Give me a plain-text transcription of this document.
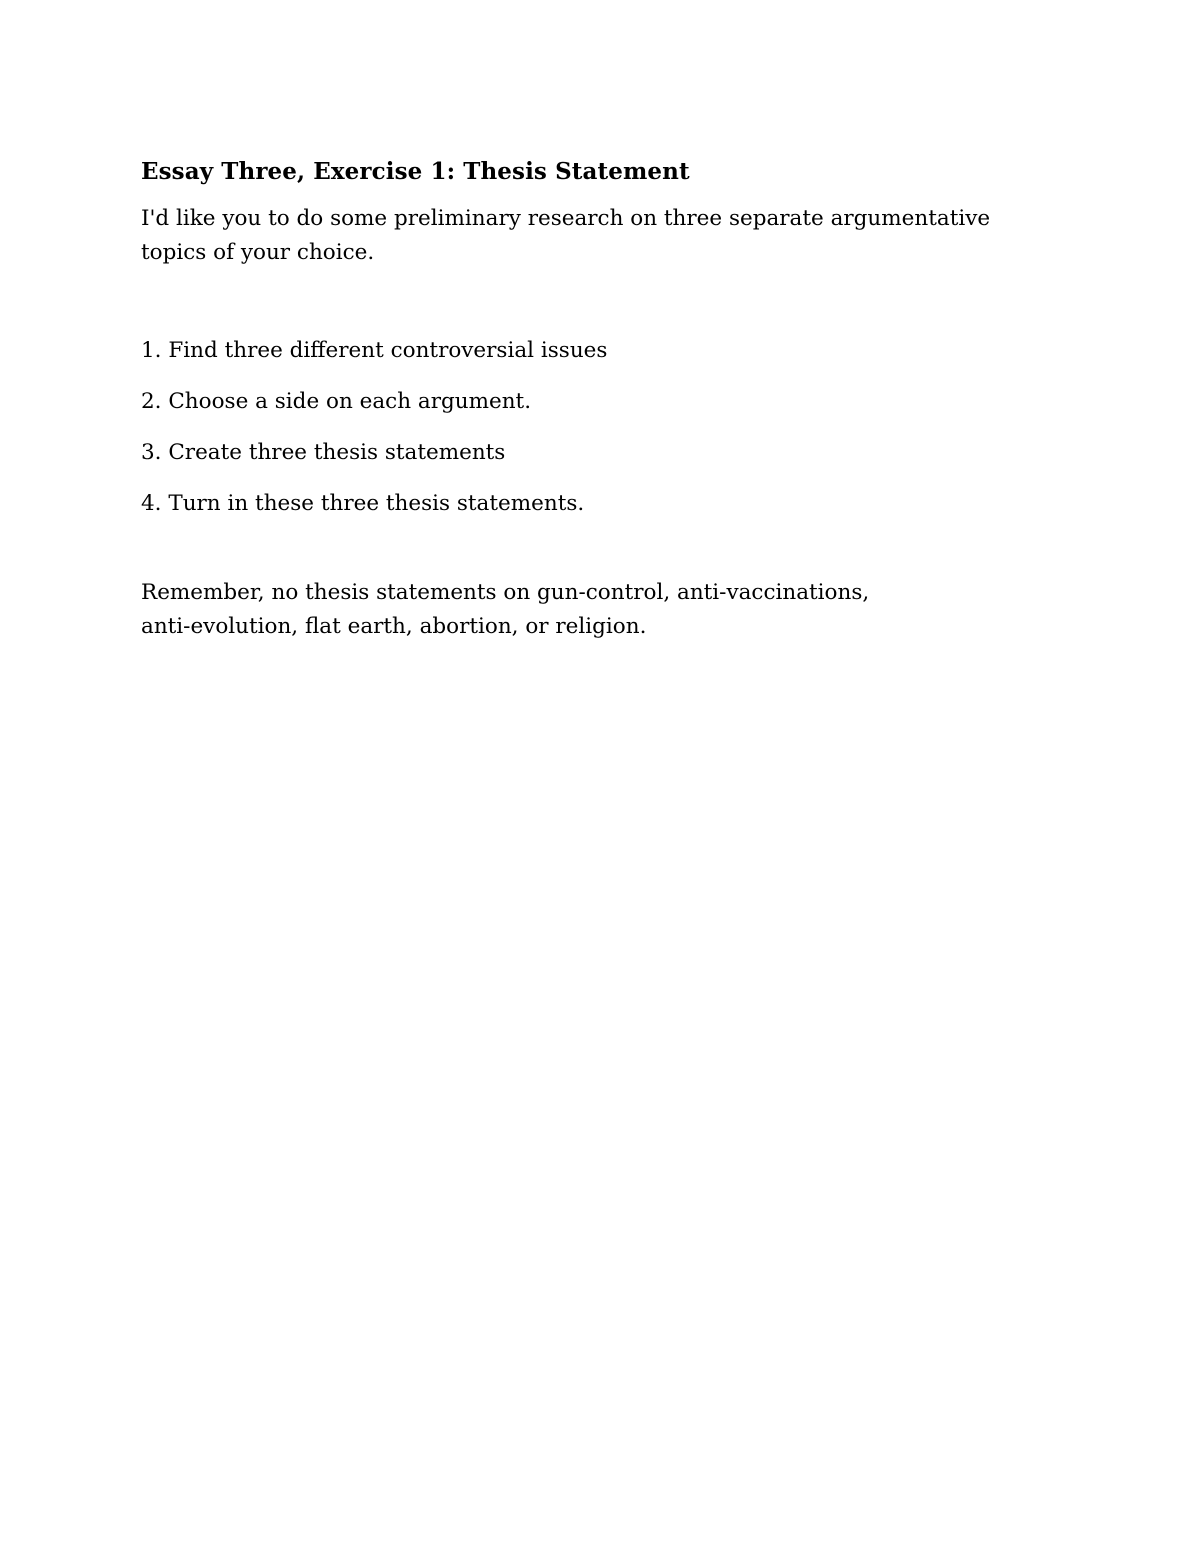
Essay Three, Exercise 1: Thesis Statement

I'd like you to do some preliminary research on three separate argumentative topics of your choice.

1. Find three different controversial issues
2. Choose a side on each argument.
3. Create three thesis statements
4. Turn in these three thesis statements.

Remember, no thesis statements on gun-control, anti-vaccinations,
anti-evolution, flat earth, abortion, or religion.
